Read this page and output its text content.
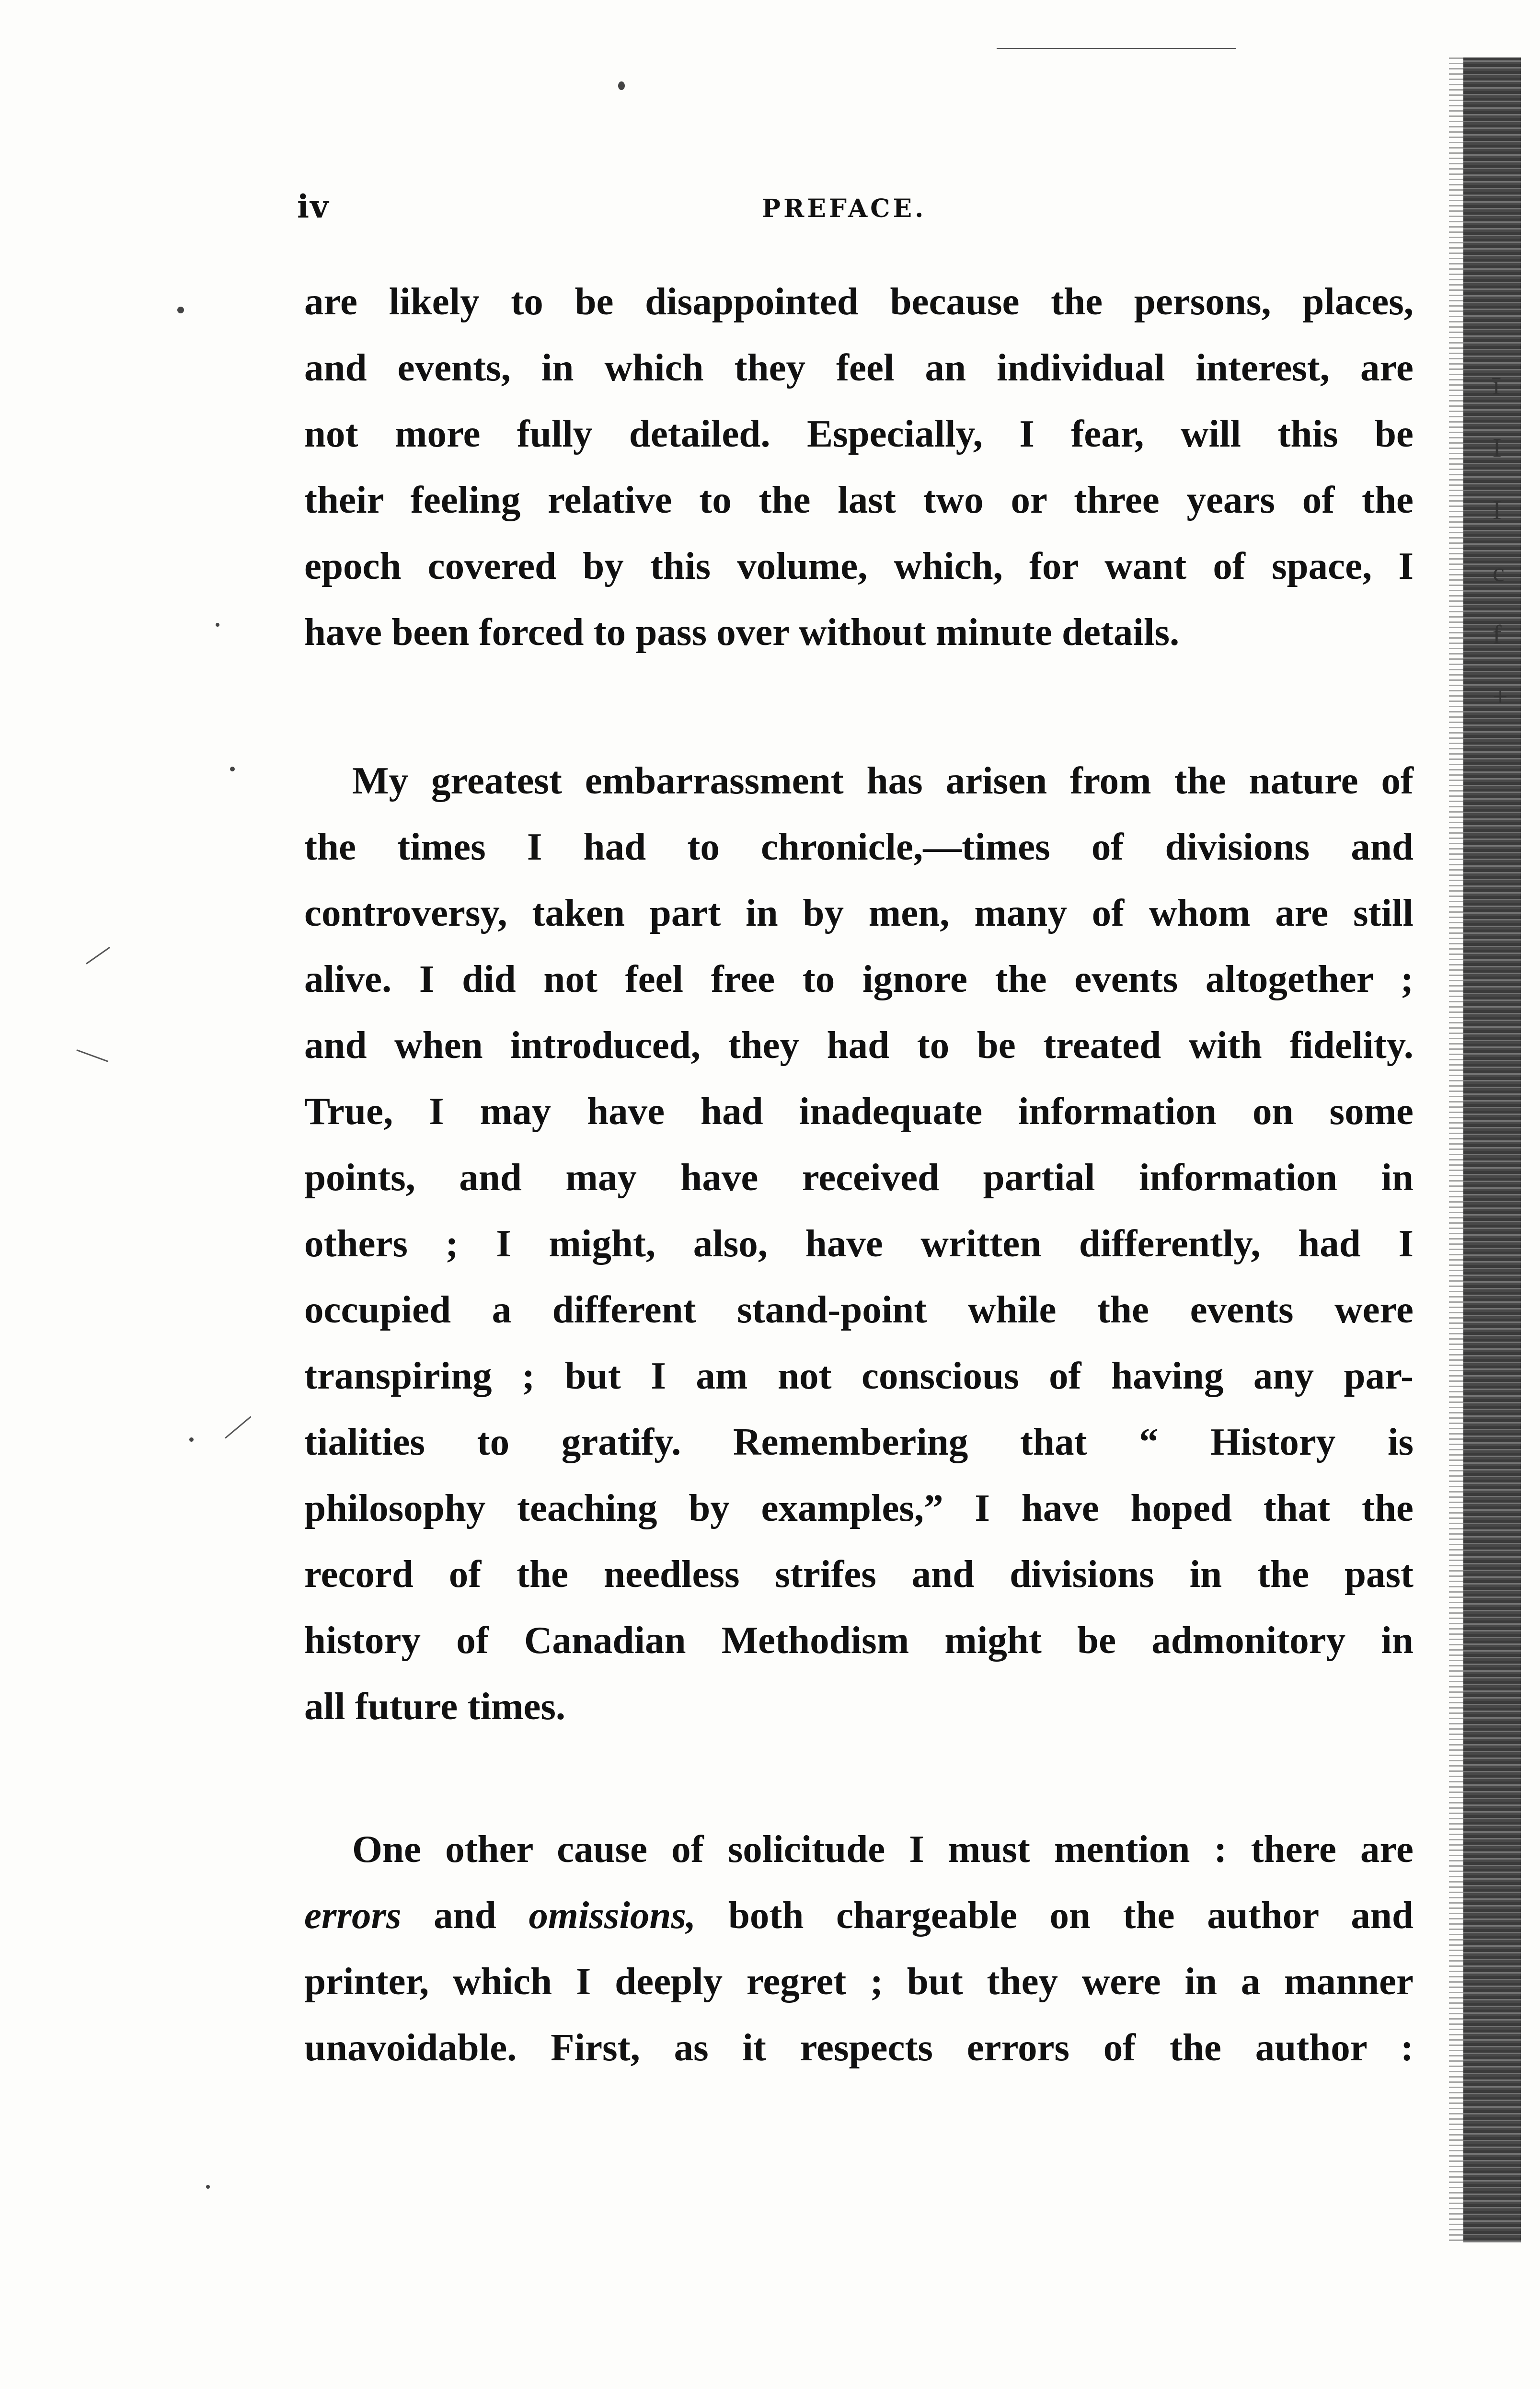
iv	PREFACE.
are likely to be disappointed because the persons, places,
and events, in which they feel an individual interest, are
not more fully detailed. Especially, I fear, will this be
their feeling relative to the last two or three years of the
epoch covered by this volume, which, for want of space, I
have been forced to pass over without minute details.
My greatest embarrassment has arisen from the nature of
the times I had to chronicle,—times of divisions and
controversy, taken part in by men, many of whom are still
alive. I did not feel free to ignore the events altogether ;
and when introduced, they had to be treated with fidelity.
True, I may have had inadequate information on some
points, and may have received partial information in
others ; I might, also, have written differently, had I
occupied a different stand-point while the events were
transpiring ; but I am not conscious of having any par-
tialities to gratify. Remembering that “ History is
philosophy teaching by examples,” I have hoped that the
record of the needless strifes and divisions in the past
history of Canadian Methodism might be admonitory in
all future times.
One other cause of solicitude I must mention : there are
errors and omissions, both chargeable on the author and
printer, which I deeply regret ; but they were in a manner
unavoidable. First, as it respects errors of the author :
ī
I
I
c
f
+
